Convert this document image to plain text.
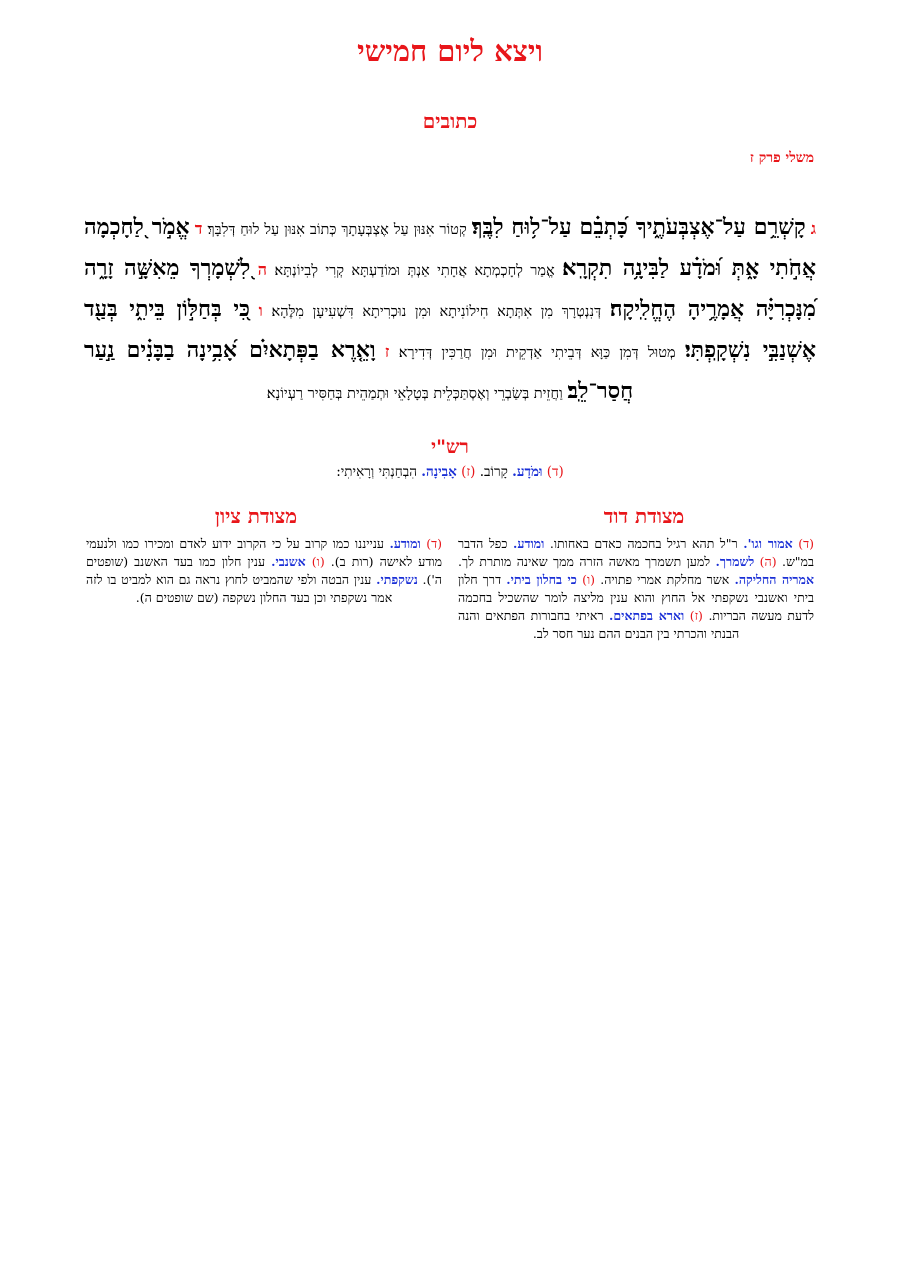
ויצא ליום חמישי
כתובים
משלי פרק ז
ג קָשְׁרֵ֥ם עַל־אֶצְבְּעֹתֶ֑יךָ כָּ֝תְבֵ֗ם עַל־ל֥וּחַ לִבֶּֽךָ׃ קְטוֹר אִנּוּן עַל אֶצְבְּעָתָךְ כְּתוֹב אִנּוּן עַל לוּחַ דְּלִבָּךְ׃ ד אֱמֹ֣ר לַ֭חָכְמָה אֲחֹ֣תִי אָ֑תְּ וּ֝מֹדָ֗ע לַבִּינָ֥ה תִקְרָֽא׃ אֱמַר לְחָכְמְתָא אֲחָתִי אַנְתְּ וּמוֹדַעְתָּא קְרִי לְבִיוֹנְתָּא׃ ה לִ֭שְׁמָרְךָ מֵאִשָּׁ֣ה זָרָ֑ה מִ֝נָּכְרִיָּ֗ה אֲמָרֶ֥יהָ הֶחֱלִֽיקָה׃ דְּנִנְטְרָךְ מִן אִתְּתָא חִילוֹנִיתָא וּמִן נוּכְרִיתָא דִּשְׁעִיעָן מִלֶּהָא׃ ו כִּ֭י בְּחַלּ֣וֹן בֵּיתִ֑י בְּעַ֖ד אֶשְׁנַבִּ֣י נִשְׁקָֽפְתִּי׃ מְטוּל דְּמִן כַּוָּא דְּבֵיתִי אַדְקֵית וּמִן חֲרַכִּין דְּדִירָא׃ ז וָאֵ֤רֶא בַפְּתָאיִ֗ם אָ֝בִ֥ינָה בַבָּנִ֗ים נַ֣עַר חֲסַר־לֵֽב׃ וַחֲזֵית בְּשַׂבְרֵי וְאֶסְתַּכְּלֵית בְּטָלָאֵי וּתְמַהֵית בְּחַסִּיר רַעְיוֹנָא׃
רש"י
(ד) וּמֹדָע. קָרוֹב. (ז) אָבִינָה. הִבְחַנְתִּי וְרָאִיתִי:
מצודת דוד
(ד) אמור וגו'. ר"ל תהא רגיל בחכמה כאדם באחותו. ומודע. כפל הדבר במ"ש. (ה) לשמרך. למען תשמרך מאשה הזרה ממך שאינה מותרת לך. אמריה החליקה. אשר מחלקת אמרי פתויה. (ו) כי בחלון ביתי. דרך חלון ביתי ואשנבי נשקפתי אל החוץ והוא ענין מליצה לומר שהשכיל בחכמה לדעת מעשה הבריות. (ז) וארא בפתאים. ראיתי בחבורות הפתאים והנה הבנתי והכרתי בין הבנים ההם נער חסר לב.
מצודת ציון
(ד) ומודע. ענייננו כמו קרוב על כי הקרוב ידוע לאדם ומכירו כמו ולנעמי מודע לאישה (רות ב). (ו) אשנבי. ענין חלון כמו בעד האשנב (שופטים ה'). נשקפתי. ענין הבטה ולפי שהמביט לחוץ נראה גם הוא למביט בו לזה אמר נשקפתי וכן בעד החלון נשקפה (שם שופטים ה).
